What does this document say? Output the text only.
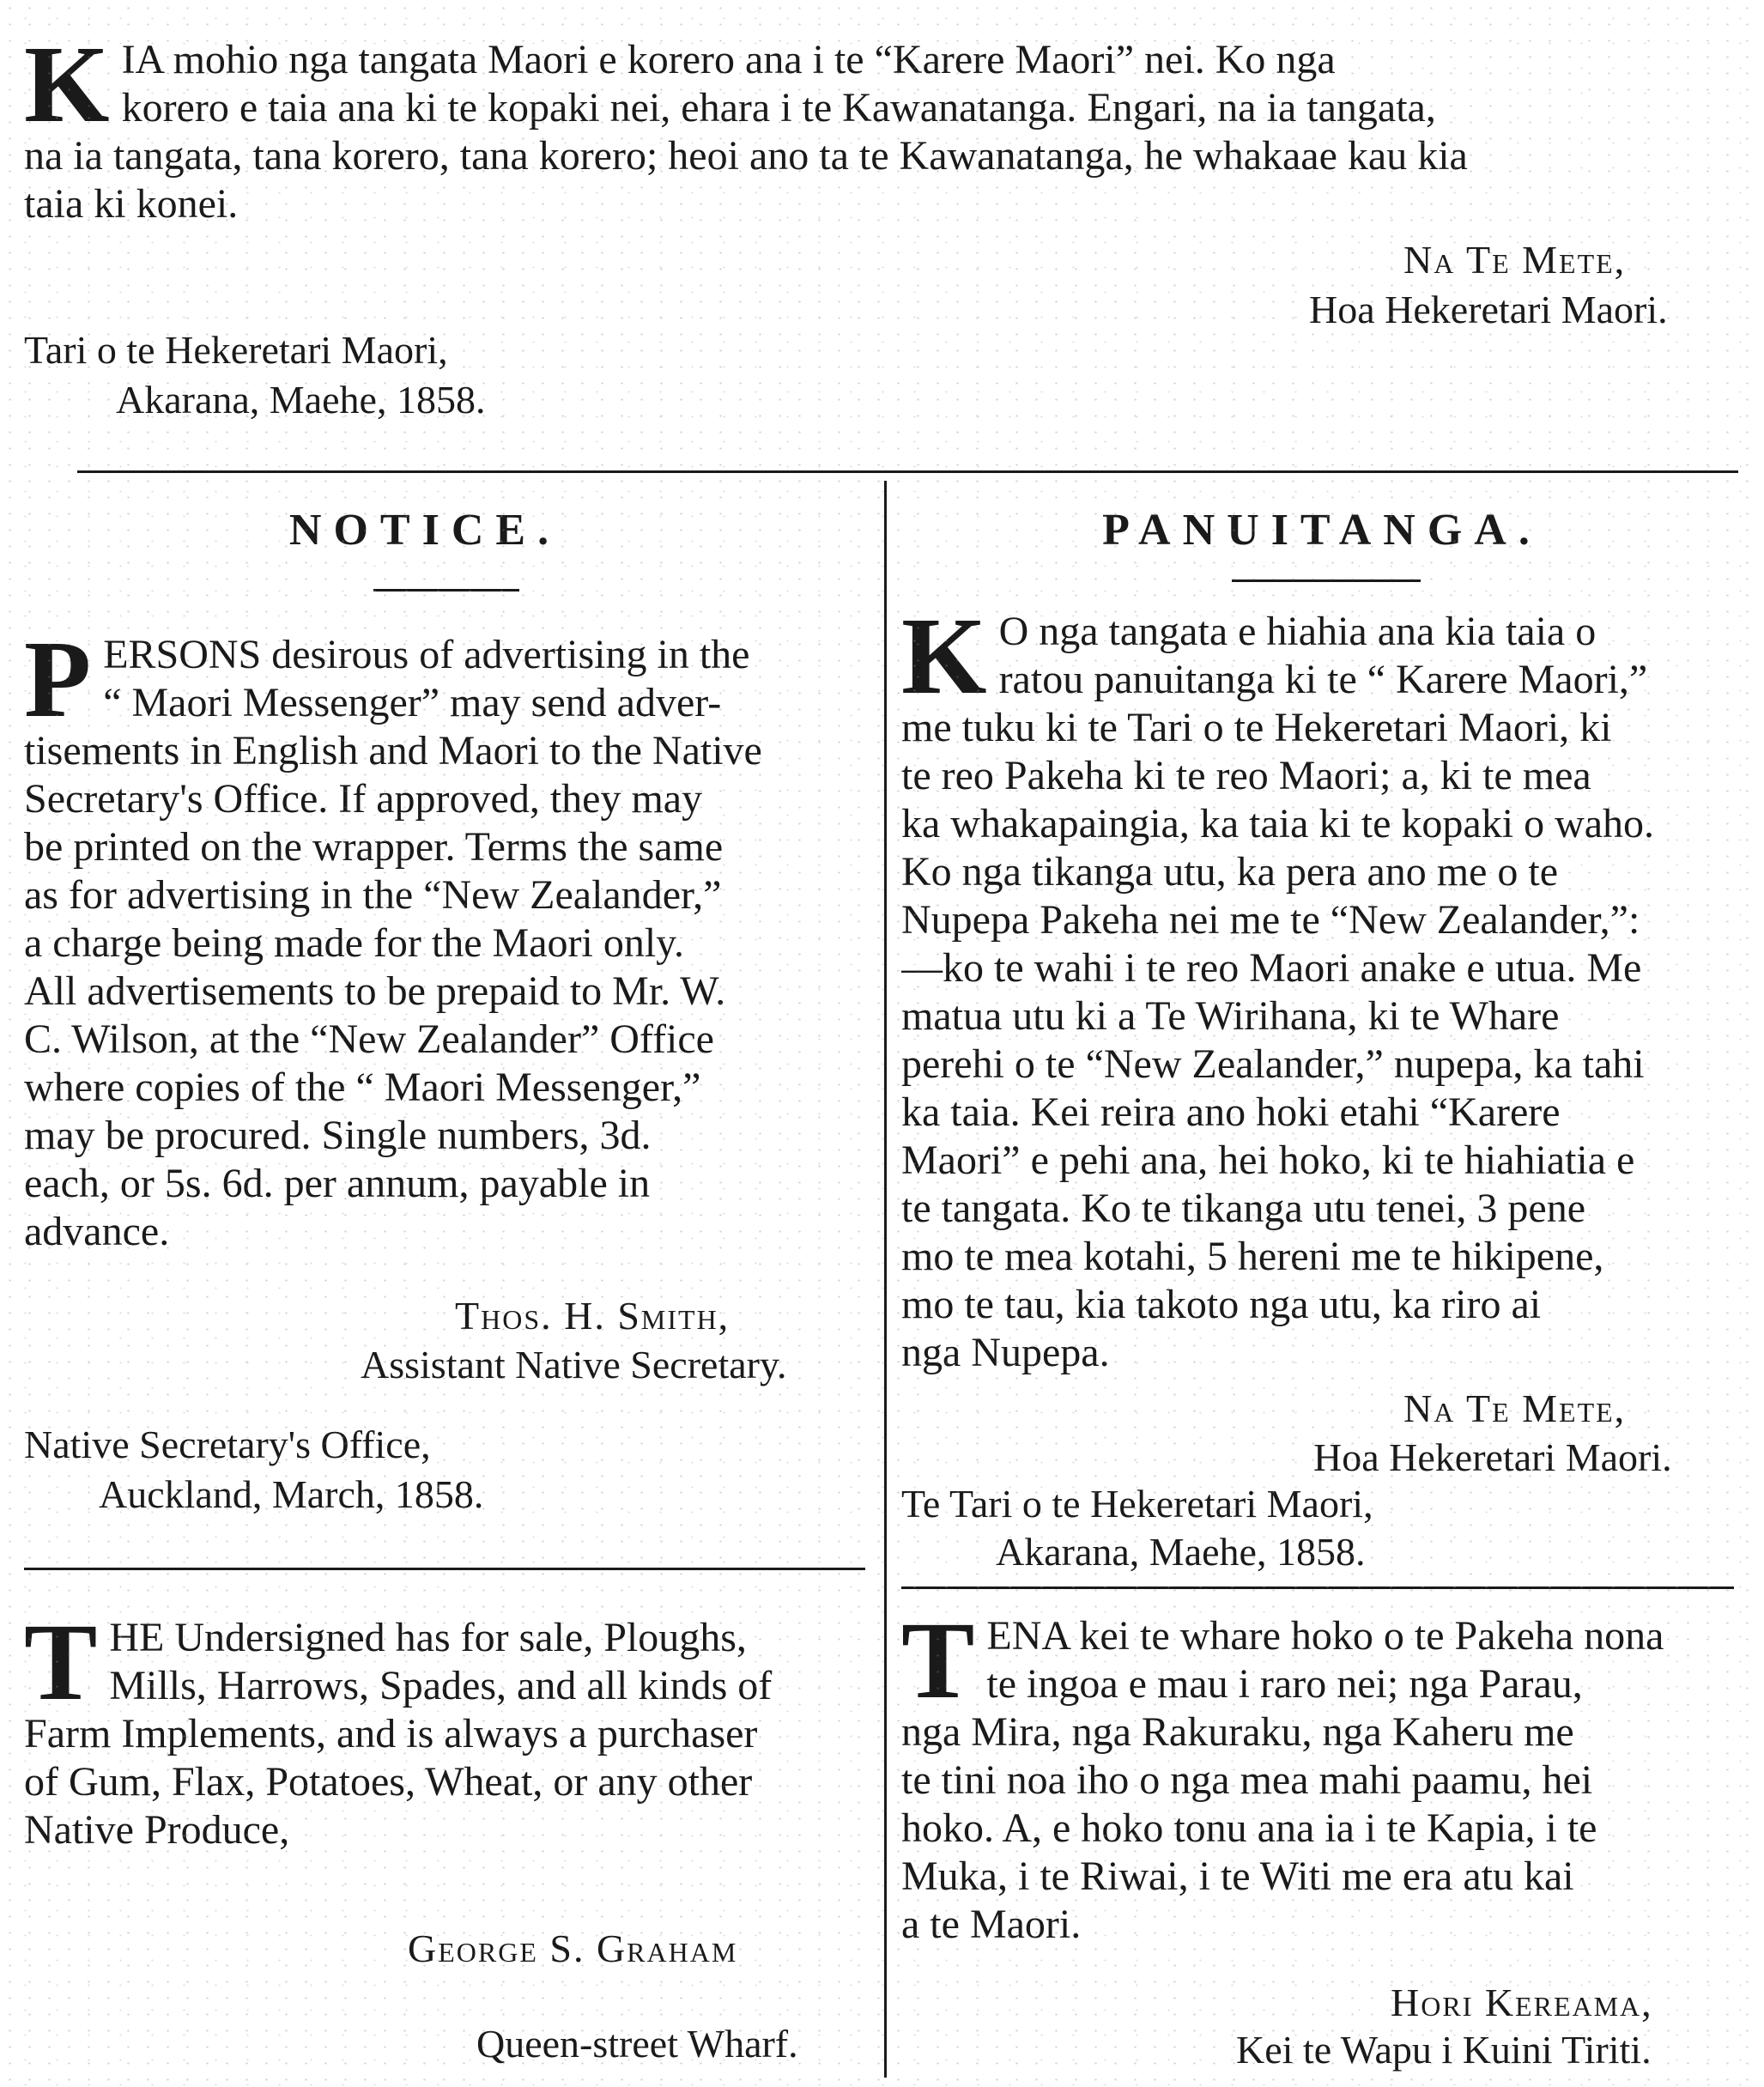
K IA mohio nga tangata Maori e korero ana i te “Karere Maori” nei. Ko nga
korero e taia ana ki te kopaki nei, ehara i te Kawanatanga. Engari, na ia tangata,
na ia tangata, tana korero, tana korero; heoi ano ta te Kawanatanga, he whakaae kau kia
taia ki konei.
Na Te Mete,
Hoa Hekeretari Maori.
Tari o te Hekeretari Maori,
Akarana, Maehe, 1858.
NOTICE.
P ERSONS desirous of advertising in the
“ Maori Messenger” may send adver-
tisements in English and Maori to the Native
Secretary's Office. If approved, they may
be printed on the wrapper. Terms the same
as for advertising in the “New Zealander,”
a charge being made for the Maori only.
All advertisements to be prepaid to Mr. W.
C. Wilson, at the “New Zealander” Office
where copies of the “ Maori Messenger,”
may be procured. Single numbers, 3d.
each, or 5s. 6d. per annum, payable in
advance.
Thos. H. Smith,
Assistant Native Secretary.
Native Secretary's Office,
Auckland, March, 1858.
T HE Undersigned has for sale, Ploughs,
Mills, Harrows, Spades, and all kinds of
Farm Implements, and is always a purchaser
of Gum, Flax, Potatoes, Wheat, or any other
Native Produce,
George S. Graham
Queen-street Wharf.
PANUITANGA.
K O nga tangata e hiahia ana kia taia o
ratou panuitanga ki te “ Karere Maori,”
me tuku ki te Tari o te Hekeretari Maori, ki
te reo Pakeha ki te reo Maori; a, ki te mea
ka whakapaingia, ka taia ki te kopaki o waho.
Ko nga tikanga utu, ka pera ano me o te
Nupepa Pakeha nei me te “New Zealander,”:
—ko te wahi i te reo Maori anake e utua. Me
matua utu ki a Te Wirihana, ki te Whare
perehi o te “New Zealander,” nupepa, ka tahi
ka taia. Kei reira ano hoki etahi “Karere
Maori” e pehi ana, hei hoko, ki te hiahiatia e
te tangata. Ko te tikanga utu tenei, 3 pene
mo te mea kotahi, 5 hereni me te hikipene,
mo te tau, kia takoto nga utu, ka riro ai
nga Nupepa.
Na Te Mete,
Hoa Hekeretari Maori.
Te Tari o te Hekeretari Maori,
Akarana, Maehe, 1858.
T ENA kei te whare hoko o te Pakeha nona
te ingoa e mau i raro nei; nga Parau,
nga Mira, nga Rakuraku, nga Kaheru me
te tini noa iho o nga mea mahi paamu, hei
hoko. A, e hoko tonu ana ia i te Kapia, i te
Muka, i te Riwai, i te Witi me era atu kai
a te Maori.
Hori Kereama,
Kei te Wapu i Kuini Tiriti.
